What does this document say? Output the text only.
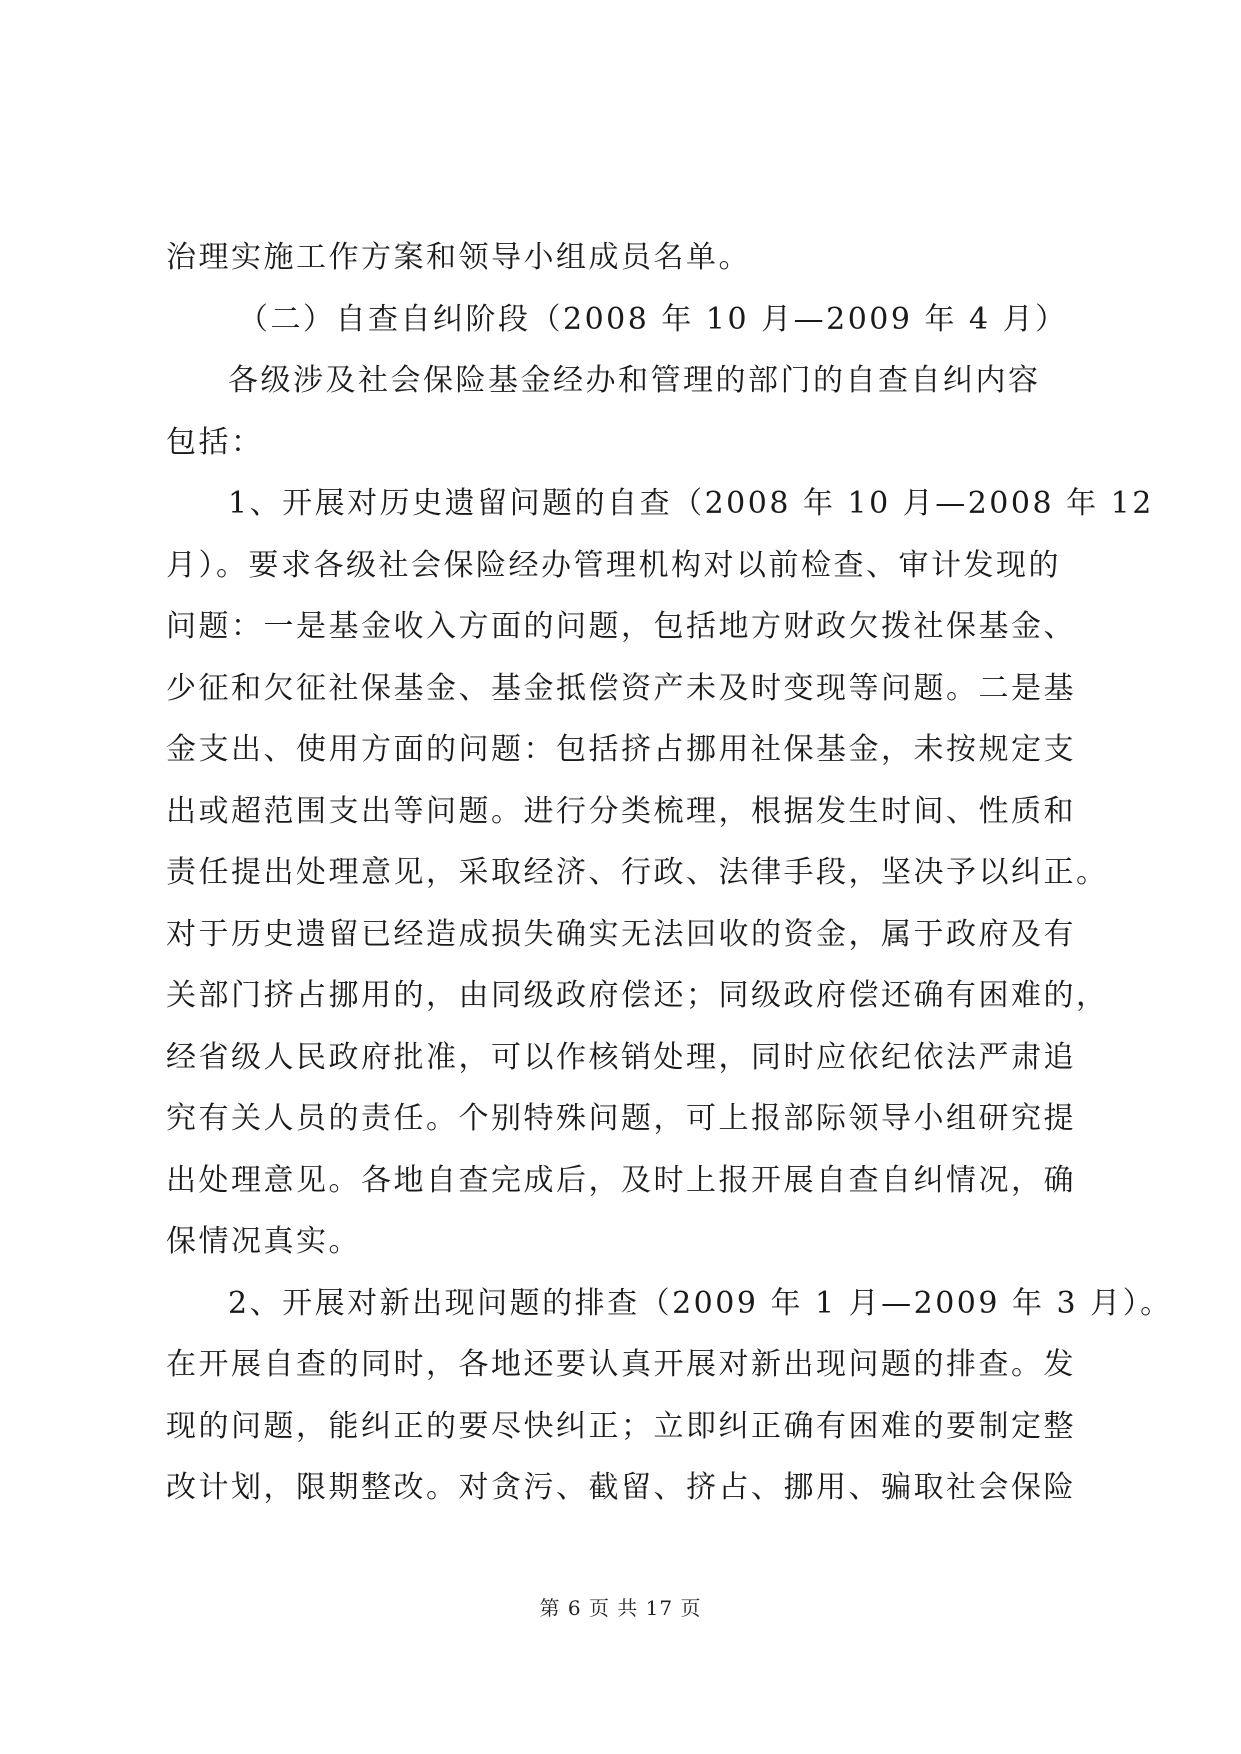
治理实施工作方案和领导小组成员名单。
（二）自查自纠阶段（2008 年 10 月—2009 年 4 月）
各级涉及社会保险基金经办和管理的部门的自查自纠内容
包括：
1、开展对历史遗留问题的自查（2008 年 10 月—2008 年 12
月）。要求各级社会保险经办管理机构对以前检查、审计发现的
问题：一是基金收入方面的问题，包括地方财政欠拨社保基金、
少征和欠征社保基金、基金抵偿资产未及时变现等问题。二是基
金支出、使用方面的问题：包括挤占挪用社保基金，未按规定支
出或超范围支出等问题。进行分类梳理，根据发生时间、性质和
责任提出处理意见，采取经济、行政、法律手段，坚决予以纠正。
对于历史遗留已经造成损失确实无法回收的资金，属于政府及有
关部门挤占挪用的，由同级政府偿还；同级政府偿还确有困难的，
经省级人民政府批准，可以作核销处理，同时应依纪依法严肃追
究有关人员的责任。个别特殊问题，可上报部际领导小组研究提
出处理意见。各地自查完成后，及时上报开展自查自纠情况，确
保情况真实。
2、开展对新出现问题的排查（2009 年 1 月—2009 年 3 月）。
在开展自查的同时，各地还要认真开展对新出现问题的排查。发
现的问题，能纠正的要尽快纠正；立即纠正确有困难的要制定整
改计划，限期整改。对贪污、截留、挤占、挪用、骗取社会保险
第 6 页 共 17 页
